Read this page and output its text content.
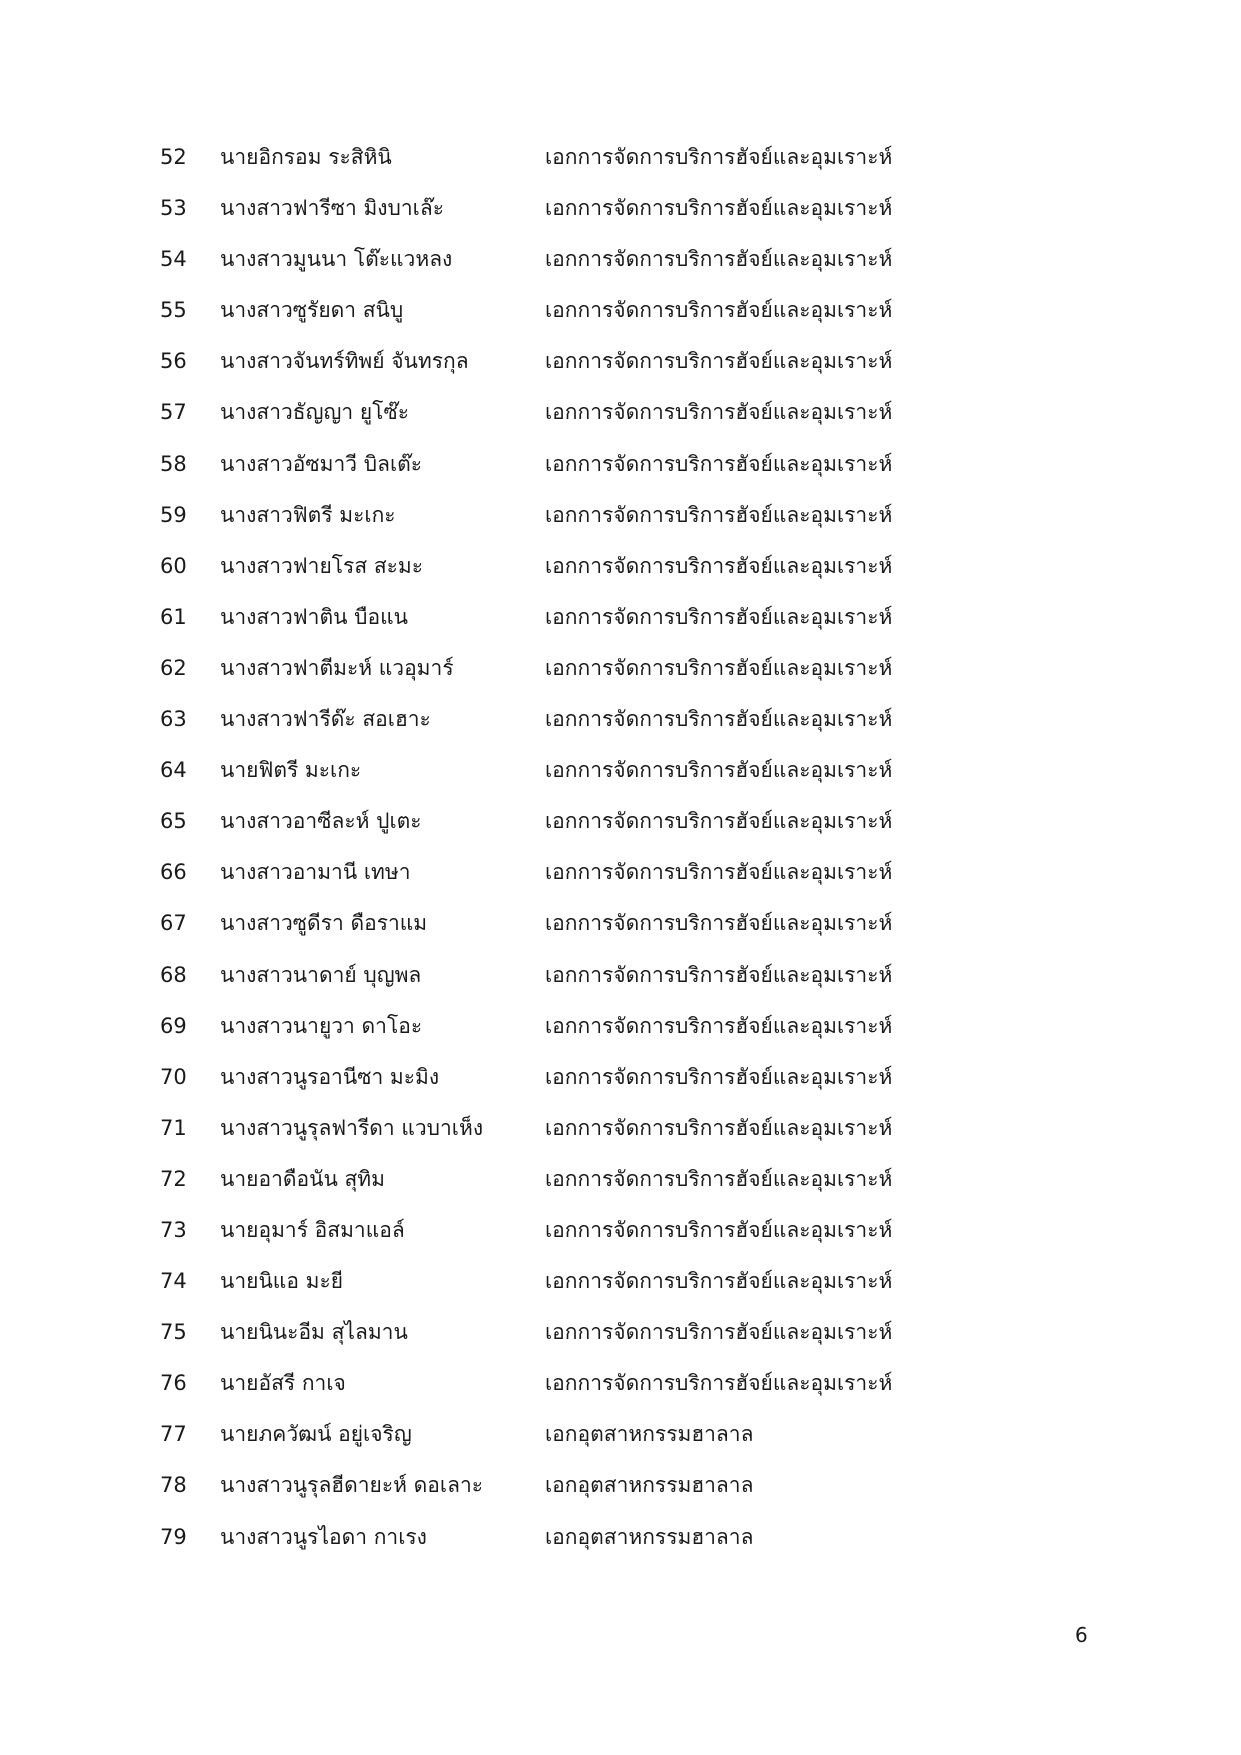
52 นายอิกรอม ระสิหินิ	เอกการจัดการบริการฮัจย์และอุมเราะห์
53 นางสาวฟารีซา มิงบาเล๊ะ	เอกการจัดการบริการฮัจย์และอุมเราะห์
54 นางสาวมูนนา โต๊ะแวหลง	เอกการจัดการบริการฮัจย์และอุมเราะห์
55 นางสาวซูรัยดา สนิบู	เอกการจัดการบริการฮัจย์และอุมเราะห์
56 นางสาวจันทร์ทิพย์ จันทรกุล	เอกการจัดการบริการฮัจย์และอุมเราะห์
57 นางสาวธัญญา ยูโซ๊ะ	เอกการจัดการบริการฮัจย์และอุมเราะห์
58 นางสาวอัซมาวี บิลเต๊ะ	เอกการจัดการบริการฮัจย์และอุมเราะห์
59 นางสาวฟิตรี มะเกะ	เอกการจัดการบริการฮัจย์และอุมเราะห์
60 นางสาวฟายโรส สะมะ	เอกการจัดการบริการฮัจย์และอุมเราะห์
61 นางสาวฟาติน บือแน	เอกการจัดการบริการฮัจย์และอุมเราะห์
62 นางสาวฟาตีมะห์ แวอุมาร์	เอกการจัดการบริการฮัจย์และอุมเราะห์
63 นางสาวฟารีด๊ะ สอเฮาะ	เอกการจัดการบริการฮัจย์และอุมเราะห์
64 นายฟิตรี มะเกะ	เอกการจัดการบริการฮัจย์และอุมเราะห์
65 นางสาวอาซีละห์ ปูเตะ	เอกการจัดการบริการฮัจย์และอุมเราะห์
66 นางสาวอามานี เทษา	เอกการจัดการบริการฮัจย์และอุมเราะห์
67 นางสาวซูดีรา ดือราแม	เอกการจัดการบริการฮัจย์และอุมเราะห์
68 นางสาวนาดาย์ บุญพล	เอกการจัดการบริการฮัจย์และอุมเราะห์
69 นางสาวนายูวา ดาโอะ	เอกการจัดการบริการฮัจย์และอุมเราะห์
70 นางสาวนูรอานีซา มะมิง	เอกการจัดการบริการฮัจย์และอุมเราะห์
71 นางสาวนูรุลฟารีดา แวบาเห็ง	เอกการจัดการบริการฮัจย์และอุมเราะห์
72 นายอาดือนัน สุทิม	เอกการจัดการบริการฮัจย์และอุมเราะห์
73 นายอุมาร์ อิสมาแอล์	เอกการจัดการบริการฮัจย์และอุมเราะห์
74 นายนิแอ มะยี	เอกการจัดการบริการฮัจย์และอุมเราะห์
75 นายนินะอีม สุไลมาน	เอกการจัดการบริการฮัจย์และอุมเราะห์
76 นายอัสรี กาเจ	เอกการจัดการบริการฮัจย์และอุมเราะห์
77 นายภควัฒน์ อยู่เจริญ	เอกอุตสาหกรรมฮาลาล
78 นางสาวนูรุลฮีดายะห์ ดอเลาะ	เอกอุตสาหกรรมฮาลาล
79 นางสาวนูรไอดา กาเรง	เอกอุตสาหกรรมฮาลาล
6
